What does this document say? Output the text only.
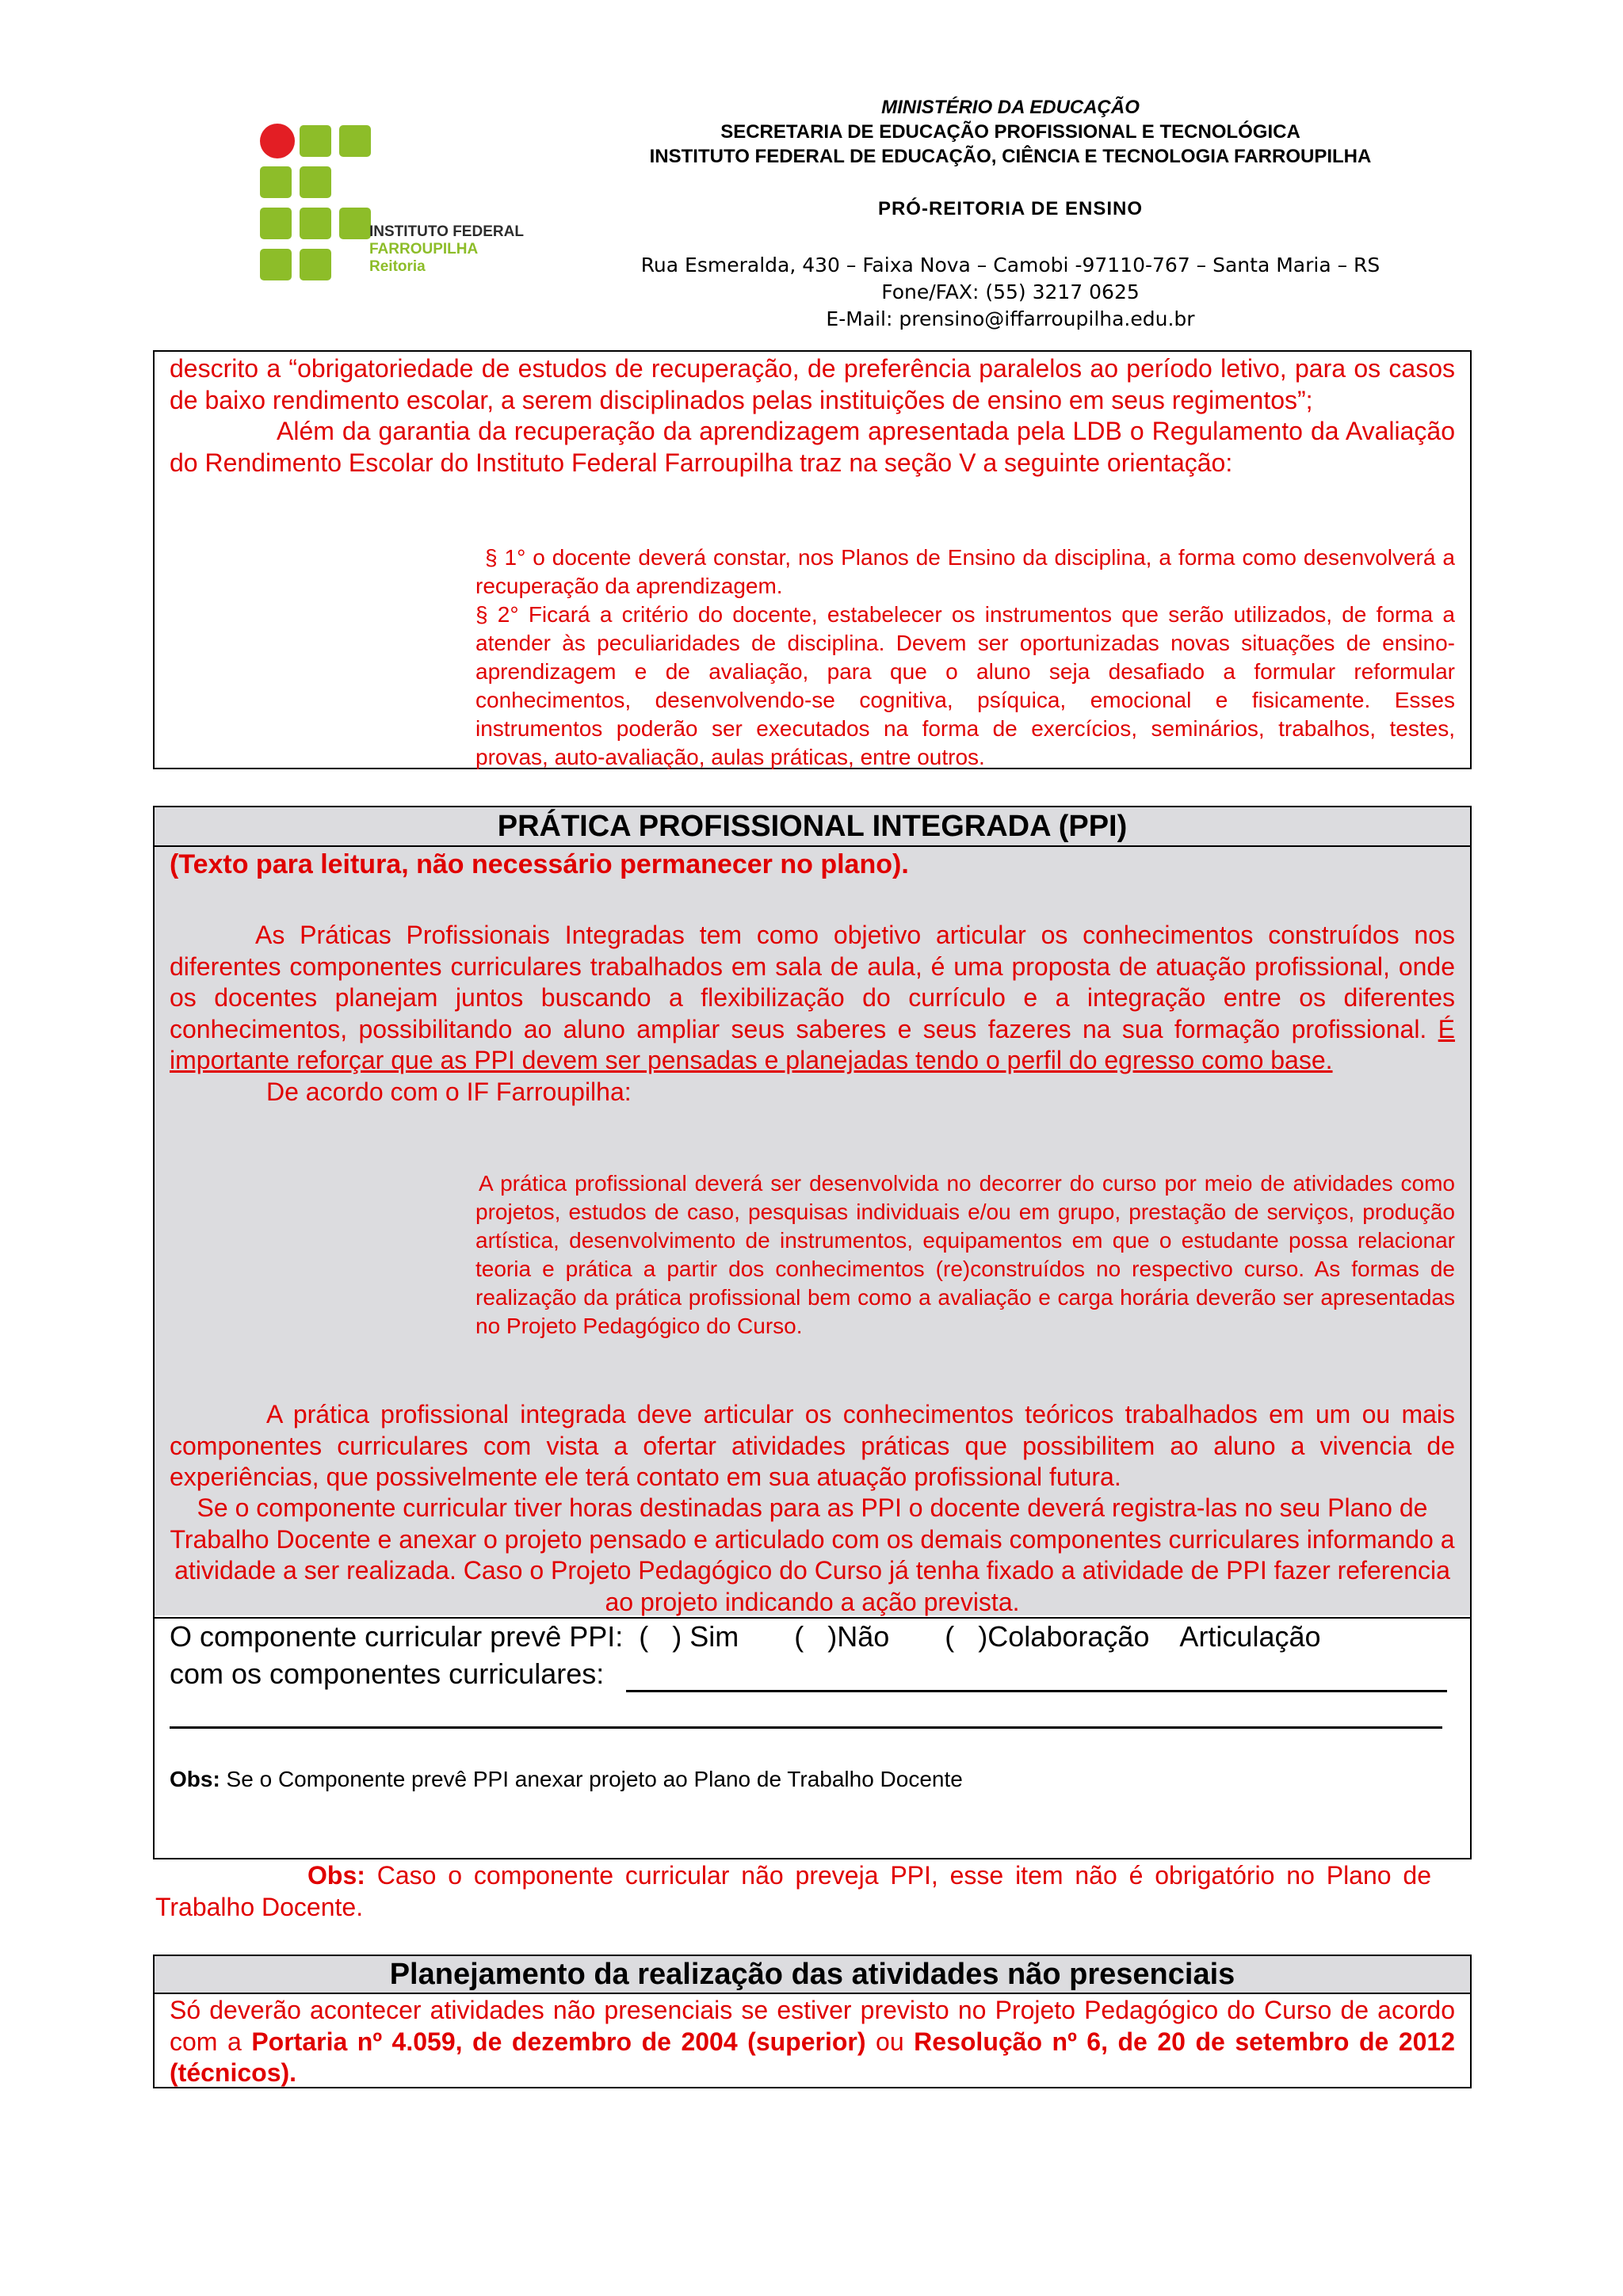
INSTITUTO FEDERAL
FARROUPILHA
Reitoria
MINISTÉRIO DA EDUCAÇÃO
SECRETARIA DE EDUCAÇÃO PROFISSIONAL E TECNOLÓGICA
INSTITUTO FEDERAL DE EDUCAÇÃO, CIÊNCIA E TECNOLOGIA FARROUPILHA
PRÓ-REITORIA DE ENSINO
Rua Esmeralda, 430 – Faixa Nova – Camobi -97110-767 – Santa Maria – RS
Fone/FAX: (55) 3217 0625
E-Mail: prensino@iffarroupilha.edu.br

descrito a “obrigatoriedade de estudos de recuperação, de preferência paralelos ao período letivo, para os casos de baixo rendimento escolar, a serem disciplinados pelas instituições de ensino em seus regimentos”;

Além da garantia da recuperação da aprendizagem apresentada pela LDB o Regulamento da Avaliação do Rendimento Escolar do Instituto Federal Farroupilha traz na seção V a seguinte orientação:

§ 1° o docente deverá constar, nos Planos de Ensino da disciplina, a forma como desenvolverá a recuperação da aprendizagem.

§ 2° Ficará a critério do docente, estabelecer os instrumentos que serão utilizados, de forma a atender às peculiaridades de disciplina. Devem ser oportunizadas novas situações de ensino-aprendizagem e de avaliação, para que o aluno seja desafiado a formular reformular conhecimentos, desenvolvendo-se cognitiva, psíquica, emocional e fisicamente. Esses instrumentos poderão ser executados na forma de exercícios, seminários, trabalhos, testes, provas, auto-avaliação, aulas práticas, entre outros.

PRÁTICA PROFISSIONAL INTEGRADA (PPI)
(Texto para leitura, não necessário permanecer no plano).

As Práticas Profissionais Integradas tem como objetivo articular os conhecimentos construídos nos diferentes componentes curriculares trabalhados em sala de aula, é uma proposta de atuação profissional, onde os docentes planejam juntos buscando a flexibilização do currículo e a integração entre os diferentes conhecimentos, possibilitando ao aluno ampliar seus saberes e seus fazeres na sua formação profissional. É importante reforçar que as PPI devem ser pensadas e planejadas tendo o perfil do egresso como base.

De acordo com o IF Farroupilha:

A prática profissional deverá ser desenvolvida no decorrer do curso por meio de atividades como projetos, estudos de caso, pesquisas individuais e/ou em grupo, prestação de serviços, produção artística, desenvolvimento de instrumentos, equipamentos em que o estudante possa relacionar teoria e prática a partir dos conhecimentos (re)construídos no respectivo curso. As formas de realização da prática profissional bem como a avaliação e carga horária deverão ser apresentadas no Projeto Pedagógico do Curso.

A prática profissional integrada deve articular os conhecimentos teóricos trabalhados em um ou mais componentes curriculares com vista a ofertar atividades práticas que possibilitem ao aluno a vivencia de experiências, que possivelmente ele terá contato em sua atuação profissional futura.

Se o componente curricular tiver horas destinadas para as PPI o docente deverá registra-las no seu Plano de Trabalho Docente e anexar o projeto pensado e articulado com os demais componentes curriculares informando a atividade a ser realizada. Caso o Projeto Pedagógico do Curso já tenha fixado a atividade de PPI fazer referencia ao projeto indicando a ação prevista.

O componente curricular prevê PPI:  (   ) Sim       (   )Não       (   )Colaboração    Articulação
com os componentes curriculares:
Obs: Se o Componente prevê PPI anexar projeto ao Plano de Trabalho Docente

Obs: Caso o componente curricular não preveja PPI, esse item não é obrigatório no Plano de Trabalho Docente.

Planejamento da realização das atividades não presenciais

Só deverão acontecer atividades não presenciais se estiver previsto no Projeto Pedagógico do Curso de acordo com a Portaria nº 4.059, de dezembro de 2004 (superior) ou Resolução nº 6, de 20 de setembro de 2012 (técnicos).
